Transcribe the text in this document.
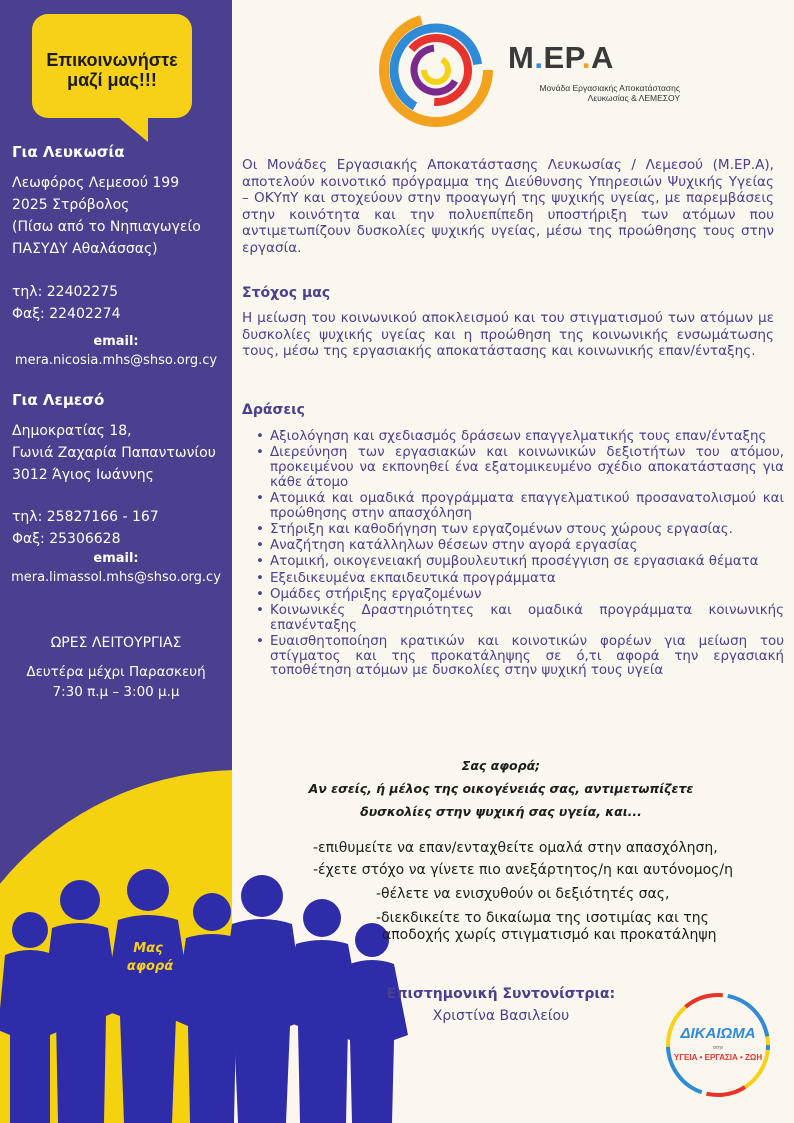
Επικοινωνήστε μαζί μας!!!
Για Λευκωσία
Λεωφόρος Λεμεσού 199
2025 Στρόβολος
(Πίσω από το Νηπιαγωγείο
ΠΑΣΥΔΥ Αθαλάσσας)
τηλ: 22402275
Φαξ: 22402274
email:
mera.nicosia.mhs@shso.org.cy
Για Λεμεσό
Δημοκρατίας 18,
Γωνιά Ζαχαρία Παπαντωνίου
3012 Άγιος Ιωάννης
τηλ: 25827166 - 167
Φαξ: 25306628
email:
mera.limassol.mhs@shso.org.cy
ΩΡΕΣ ΛΕΙΤΟΥΡΓΙΑΣ
Δευτέρα μέχρι Παρασκευή
7:30 π.μ – 3:00 μ.μ
Μας
αφορά
Μ.ΕΡ.Α
Μονάδα Εργασιακής Αποκατάστασης
Λευκωσίας & ΛΕΜΕΣΟΥ
Οι Μονάδες Εργασιακής Αποκατάστασης Λευκωσίας / Λεμεσού (Μ.ΕΡ.Α), αποτελούν κοινοτικό πρόγραμμα της Διεύθυνσης Υπηρεσιών Ψυχικής Υγείας – ΟΚΥπΥ και στοχεύουν στην προαγωγή της ψυχικής υγείας, με παρεμβάσεις στην κοινότητα και την πολυεπίπεδη υποστήριξη των ατόμων που αντιμετωπίζουν δυσκολίες ψυχικής υγείας, μέσω της προώθησης τους στην εργασία.
Στόχος μας
Η μείωση του κοινωνικού αποκλεισμού και του στιγματισμού των ατόμων με δυσκολίες ψυχικής υγείας και η προώθηση της κοινωνικής ενσωμάτωσης τους, μέσω της εργασιακής αποκατάστασης και κοινωνικής επαν/ένταξης.
Δράσεις
• Αξιολόγηση και σχεδιασμός δράσεων επαγγελματικής τους επαν/ένταξης
• Διερεύνηση των εργασιακών και κοινωνικών δεξιοτήτων του ατόμου, προκειμένου να εκπονηθεί ένα εξατομικευμένο σχέδιο αποκατάστασης για κάθε άτομο
• Ατομικά και ομαδικά προγράμματα επαγγελματικού προσανατολισμού και προώθησης στην απασχόληση
• Στήριξη και καθοδήγηση των εργαζομένων στους χώρους εργασίας.
• Αναζήτηση κατάλληλων θέσεων στην αγορά εργασίας
• Ατομική, οικογενειακή συμβουλευτική προσέγγιση σε εργασιακά θέματα
• Εξειδικευμένα εκπαιδευτικά προγράμματα
• Ομάδες στήριξης εργαζομένων
• Κοινωνικές Δραστηριότητες και ομαδικά προγράμματα κοινωνικής επανένταξης
• Ευαισθητοποίηση κρατικών και κοινοτικών φορέων για μείωση του στίγματος και της προκατάληψης σε ό,τι αφορά την εργασιακή τοποθέτηση ατόμων με δυσκολίες στην ψυχική τους υγεία
Σας αφορά;
Αν εσείς, ή μέλος της οικογένειάς σας, αντιμετωπίζετε
δυσκολίες στην ψυχική σας υγεία, και...
-επιθυμείτε να επαν/ενταχθείτε ομαλά στην απασχόληση,
-έχετε στόχο να γίνετε πιο ανεξάρτητος/η και αυτόνομος/η
-θέλετε να ενισχυθούν οι δεξιότητές σας,
-διεκδικείτε το δικαίωμα της ισοτιμίας και της
αποδοχής χωρίς στιγματισμό και προκατάληψη
Επιστημονική Συντονίστρια:
Χριστίνα Βασιλείου
ΔΙΚΑΙΩΜΑ
στην
ΥΓΕΙΑ • ΕΡΓΑΣΙΑ • ΖΩΗ
